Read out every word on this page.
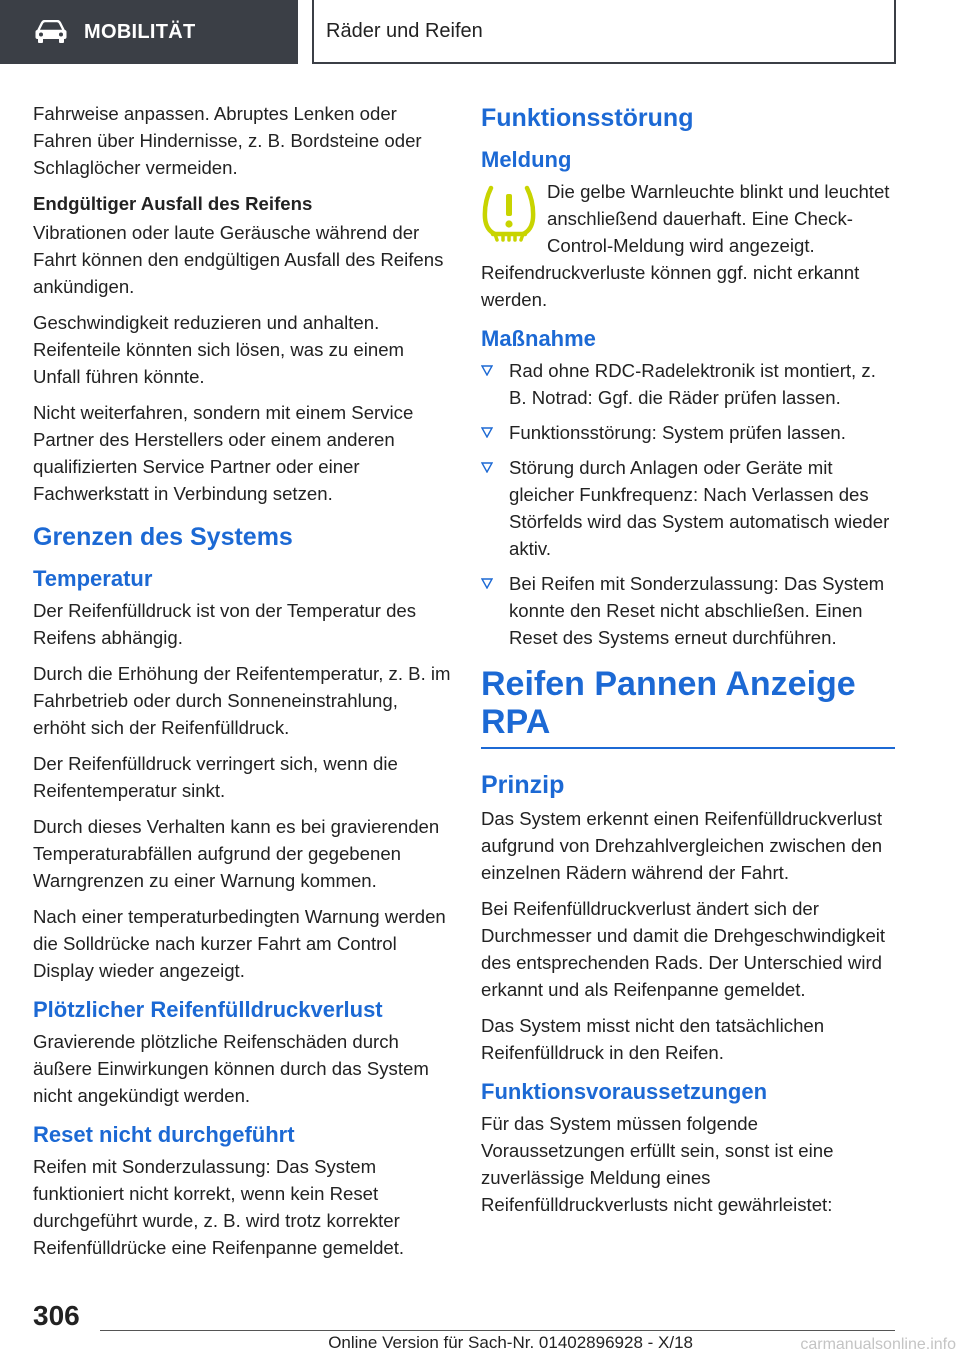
MOBILITÄT	Räder und Reifen

Fahrweise anpassen. Abruptes Lenken oder Fahren über Hindernisse, z. B. Bordsteine oder Schlaglöcher vermeiden.

Endgültiger Ausfall des Reifens

Vibrationen oder laute Geräusche während der Fahrt können den endgültigen Ausfall des Reifens ankündigen.

Geschwindigkeit reduzieren und anhalten. Reifenteile könnten sich lösen, was zu einem Unfall führen könnte.

Nicht weiterfahren, sondern mit einem Service Partner des Herstellers oder einem anderen qualifizierten Service Partner oder einer Fachwerkstatt in Verbindung setzen.

Grenzen des Systems
Temperatur

Der Reifenfülldruck ist von der Temperatur des Reifens abhängig.

Durch die Erhöhung der Reifentemperatur, z. B. im Fahrbetrieb oder durch Sonneneinstrahlung, erhöht sich der Reifenfülldruck.

Der Reifenfülldruck verringert sich, wenn die Reifentemperatur sinkt.

Durch dieses Verhalten kann es bei gravierenden Temperaturabfällen aufgrund der gegebenen Warngrenzen zu einer Warnung kommen.

Nach einer temperaturbedingten Warnung werden die Solldrücke nach kurzer Fahrt am Control Display wieder angezeigt.

Plötzlicher Reifenfülldruckverlust

Gravierende plötzliche Reifenschäden durch äußere Einwirkungen können durch das System nicht angekündigt werden.

Reset nicht durchgeführt

Reifen mit Sonderzulassung: Das System funktioniert nicht korrekt, wenn kein Reset durchgeführt wurde, z. B. wird trotz korrekter Reifenfülldrücke eine Reifenpanne gemeldet.

Funktionsstörung
Meldung

Die gelbe Warnleuchte blinkt und leuchtet anschließend dauerhaft. Eine Check-Control-Meldung wird angezeigt. Reifendruckverluste können ggf. nicht erkannt werden.

Maßnahme
Rad ohne RDC-Radelektronik ist montiert, z. B. Notrad: Ggf. die Räder prüfen lassen.
Funktionsstörung: System prüfen lassen.
Störung durch Anlagen oder Geräte mit gleicher Funkfrequenz: Nach Verlassen des Störfelds wird das System automatisch wieder aktiv.
Bei Reifen mit Sonderzulassung: Das System konnte den Reset nicht abschließen. Einen Reset des Systems erneut durchführen.
Reifen Pannen Anzeige RPA
Prinzip

Das System erkennt einen Reifenfülldruckverlust aufgrund von Drehzahlvergleichen zwischen den einzelnen Rädern während der Fahrt.

Bei Reifenfülldruckverlust ändert sich der Durchmesser und damit die Drehgeschwindigkeit des entsprechenden Rads. Der Unterschied wird erkannt und als Reifenpanne gemeldet.

Das System misst nicht den tatsächlichen Reifenfülldruck in den Reifen.

Funktionsvoraussetzungen

Für das System müssen folgende Voraussetzungen erfüllt sein, sonst ist eine zuverlässige Meldung eines Reifenfülldruckverlusts nicht gewährleistet:

306
Online Version für Sach-Nr. 01402896928 - X/18	carmanualsonline.info
